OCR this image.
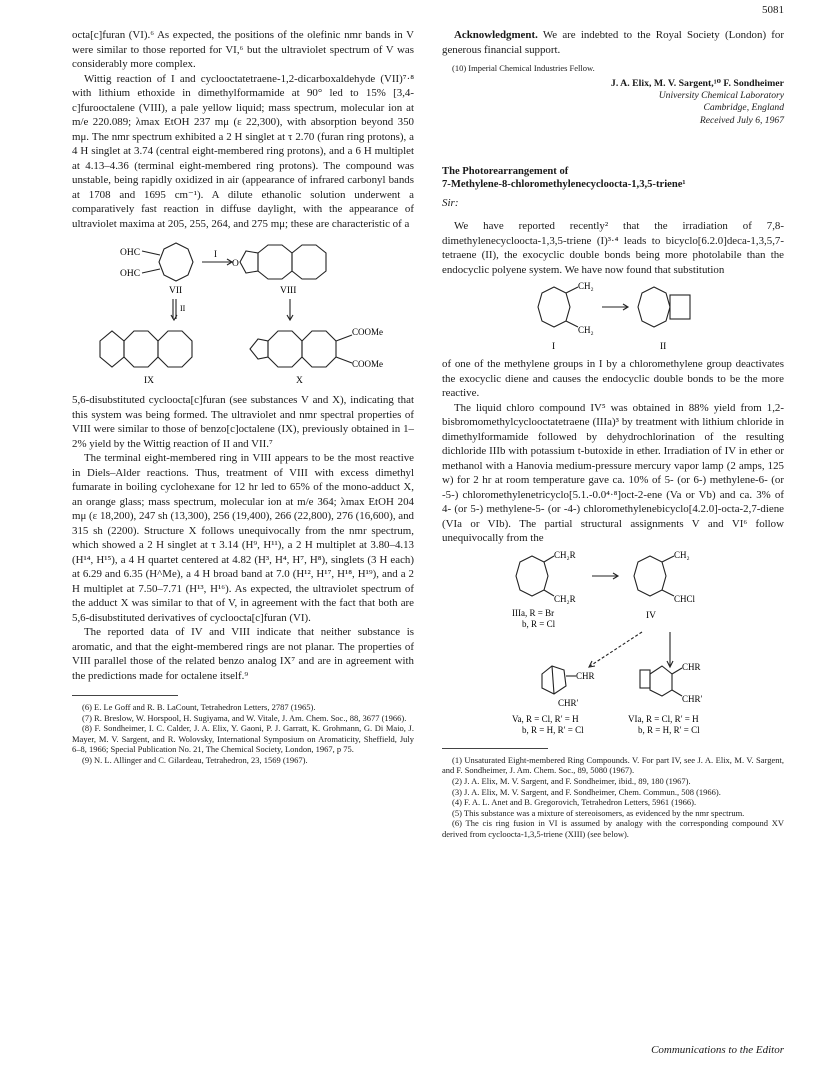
5081

octa[c]furan (VI).⁶ As expected, the positions of the olefinic nmr bands in V were similar to those reported for VI,⁶ but the ultraviolet spectrum of V was considerably more complex.

Wittig reaction of I and cyclooctatetraene-1,2-dicarboxaldehyde (VII)⁷·⁸ with lithium ethoxide in dimethylformamide at 90° led to 15% [3,4-c]furooctalene (VIII), a pale yellow liquid; mass spectrum, molecular ion at m/e 220.089; λmax EtOH 237 mμ (ε 22,300), with absorption beyond 350 mμ. The nmr spectrum exhibited a 2 H singlet at τ 2.70 (furan ring protons), a 4 H singlet at 3.74 (central eight-membered ring protons), and a 6 H multiplet at 4.13–4.36 (terminal eight-membered ring protons). The compound was unstable, being rapidly oxidized in air (appearance of infrared carbonyl bands at 1708 and 1695 cm⁻¹). A dilute ethanolic solution underwent a comparatively fast reaction in diffuse daylight, with the appearance of ultraviolet maxima at 205, 255, 264, and 275 mμ; these are characteristic of a

OHC
OHC
I
O
VII	VIII
II
IX	X
COOMe
COOMe

5,6-disubstituted cycloocta[c]furan (see substances V and X), indicating that this system was being formed. The ultraviolet and nmr spectral properties of VIII were similar to those of benzo[c]octalene (IX), previously obtained in 1–2% yield by the Wittig reaction of II and VII.⁷

The terminal eight-membered ring in VIII appears to be the most reactive in Diels–Alder reactions. Thus, treatment of VIII with excess dimethyl fumarate in boiling cyclohexane for 12 hr led to 65% of the mono-adduct X, an orange glass; mass spectrum, molecular ion at m/e 364; λmax EtOH 204 mμ (ε 18,200), 247 sh (13,300), 256 (19,400), 266 (22,800), 276 (16,600), and 315 sh (2200). Structure X follows unequivocally from the nmr spectrum, which showed a 2 H singlet at τ 3.14 (H⁹, H¹¹), a 2 H multiplet at 3.80–4.13 (H¹⁴, H¹⁵), a 4 H quartet centered at 4.82 (H³, H⁴, H⁷, H⁸), singlets (3 H each) at 6.29 and 6.35 (H^Me), a 4 H broad band at 7.0 (H¹², H¹⁷, H¹⁸, H¹⁹), and a 2 H multiplet at 7.50–7.71 (H¹³, H¹⁶). As expected, the ultraviolet spectrum of the adduct X was similar to that of V, in agreement with the fact that both are 5,6-disubstituted derivatives of cycloocta[c]furan (VI).

The reported data of IV and VIII indicate that neither substance is aromatic, and that the eight-membered rings are not planar. The properties of VIII parallel those of the related benzo analog IX⁷ and are in agreement with the predictions made for octalene itself.⁹

(6) E. Le Goff and R. B. LaCount, Tetrahedron Letters, 2787 (1965).

(7) R. Breslow, W. Horspool, H. Sugiyama, and W. Vitale, J. Am. Chem. Soc., 88, 3677 (1966).

(8) F. Sondheimer, I. C. Calder, J. A. Elix, Y. Gaoni, P. J. Garratt, K. Grohmann, G. Di Maio, J. Mayer, M. V. Sargent, and R. Wolovsky, International Symposium on Aromaticity, Sheffield, July 6–8, 1966; Special Publication No. 21, The Chemical Society, London, 1967, p 75.

(9) N. L. Allinger and C. Gilardeau, Tetrahedron, 23, 1569 (1967).

Acknowledgment. We are indebted to the Royal Society (London) for generous financial support.

(10) Imperial Chemical Industries Fellow.

J. A. Elix, M. V. Sargent,¹⁰ F. Sondheimer
University Chemical Laboratory
Cambridge, England
Received July 6, 1967
The Photorearrangement of
7-Methylene-8-chloromethylenecycloocta-1,3,5-triene¹
Sir:

We have reported recently² that the irradiation of 7,8-dimethylenecycloocta-1,3,5-triene (I)³·⁴ leads to bicyclo[6.2.0]deca-1,3,5,7-tetraene (II), the exocyclic double bonds being more photolabile than the endocyclic polyene system. We have now found that substitution

CH₂
CH₂
I	II

of one of the methylene groups in I by a chloromethylene group deactivates the exocyclic diene and causes the endocyclic double bonds to be the more reactive.

The liquid chloro compound IV⁵ was obtained in 88% yield from 1,2-bisbromomethylcyclooctatetraene (IIIa)³ by treatment with lithium chloride in dimethylformamide followed by dehydrochlorination of the resulting dichloride IIIb with potassium t-butoxide in ether. Irradiation of IV in ether or methanol with a Hanovia medium-pressure mercury vapor lamp (2 amps, 125 w) for 2 hr at room temperature gave ca. 10% of 5- (or 6-) methylene-6- (or -5-) chloromethylenetricyclo[5.1.-0.0⁴·⁸]oct-2-ene (Va or Vb) and ca. 3% of 4- (or 5-) methylene-5- (or -4-) chloromethylenebicyclo[4.2.0]-octa-2,7-diene (VIa or VIb). The partial structural assignments V and VI⁶ follow unequivocally from the

CH₂R
CH₂R
IIIa, R = Br
b, R = Cl
CH₂
CHCl
IV
CHR
CHR′
Va, R = Cl, R′ = H
b, R = H, R′ = Cl
CHR
CHR′
VIa, R = Cl, R′ = H
b, R = H, R′ = Cl

(1) Unsaturated Eight-membered Ring Compounds. V. For part IV, see J. A. Elix, M. V. Sargent, and F. Sondheimer, J. Am. Chem. Soc., 89, 5080 (1967).

(2) J. A. Elix, M. V. Sargent, and F. Sondheimer, ibid., 89, 180 (1967).

(3) J. A. Elix, M. V. Sargent, and F. Sondheimer, Chem. Commun., 508 (1966).

(4) F. A. L. Anet and B. Gregorovich, Tetrahedron Letters, 5961 (1966).

(5) This substance was a mixture of stereoisomers, as evidenced by the nmr spectrum.

(6) The cis ring fusion in VI is assumed by analogy with the corresponding compound XV derived from cycloocta-1,3,5-triene (XIII) (see below).

Communications to the Editor
